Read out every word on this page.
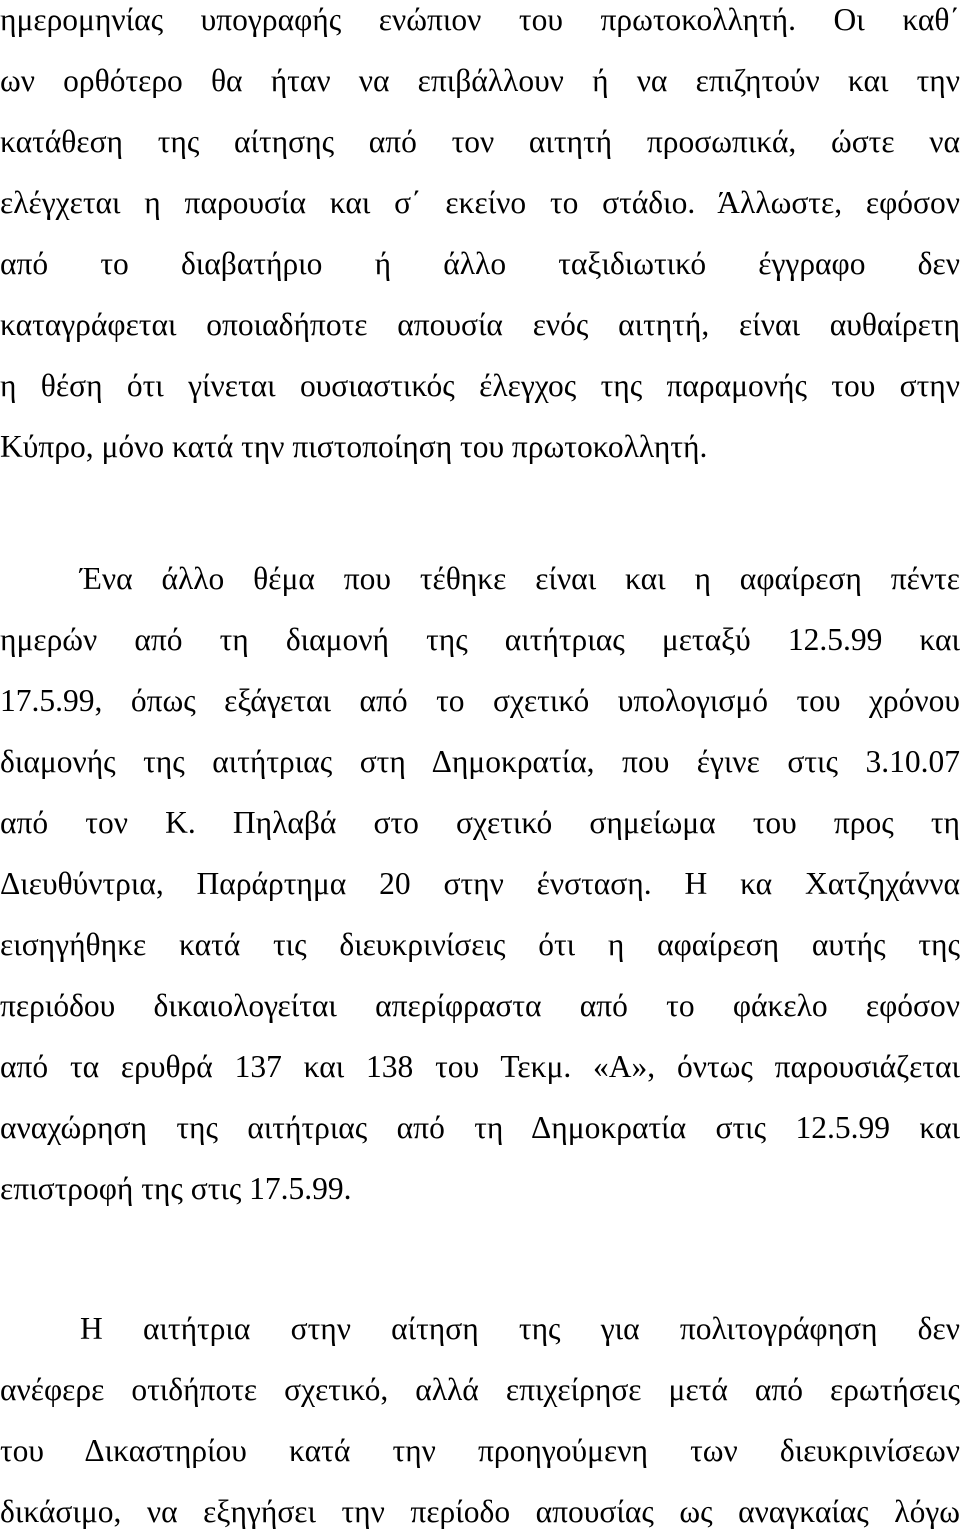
ημερομηνίας υπογραφής ενώπιον του πρωτοκολλητή. Οι καθ΄
ων ορθότερο θα ήταν να επιβάλλουν ή να επιζητούν και την
κατάθεση της αίτησης από τον αιτητή προσωπικά, ώστε να
ελέγχεται η παρουσία και σ΄ εκείνο το στάδιο. Άλλωστε, εφόσον
από το διαβατήριο ή άλλο ταξιδιωτικό έγγραφο δεν
καταγράφεται οποιαδήποτε απουσία ενός αιτητή, είναι αυθαίρετη
η θέση ότι γίνεται ουσιαστικός έλεγχος της παραμονής του στην
Κύπρο, μόνο κατά την πιστοποίηση του πρωτοκολλητή.
Ένα άλλο θέμα που τέθηκε είναι και η αφαίρεση πέντε
ημερών από τη διαμονή της αιτήτριας μεταξύ 12.5.99 και
17.5.99, όπως εξάγεται από το σχετικό υπολογισμό του χρόνου
διαμονής της αιτήτριας στη Δημοκρατία, που έγινε στις 3.10.07
από τον Κ. Πηλαβά στο σχετικό σημείωμα του προς τη
Διευθύντρια, Παράρτημα 20 στην ένσταση. Η κα Χατζηχάννα
εισηγήθηκε κατά τις διευκρινίσεις ότι η αφαίρεση αυτής της
περιόδου δικαιολογείται απερίφραστα από το φάκελο εφόσον
από τα ερυθρά 137 και 138 του Τεκμ. «Α», όντως παρουσιάζεται
αναχώρηση της αιτήτριας από τη Δημοκρατία στις 12.5.99 και
επιστροφή της στις 17.5.99.
Η αιτήτρια στην αίτηση της για πολιτογράφηση δεν
ανέφερε οτιδήποτε σχετικό, αλλά επιχείρησε μετά από ερωτήσεις
του Δικαστηρίου κατά την προηγούμενη των διευκρινίσεων
δικάσιμο, να εξηγήσει την περίοδο απουσίας ως αναγκαίας λόγω
